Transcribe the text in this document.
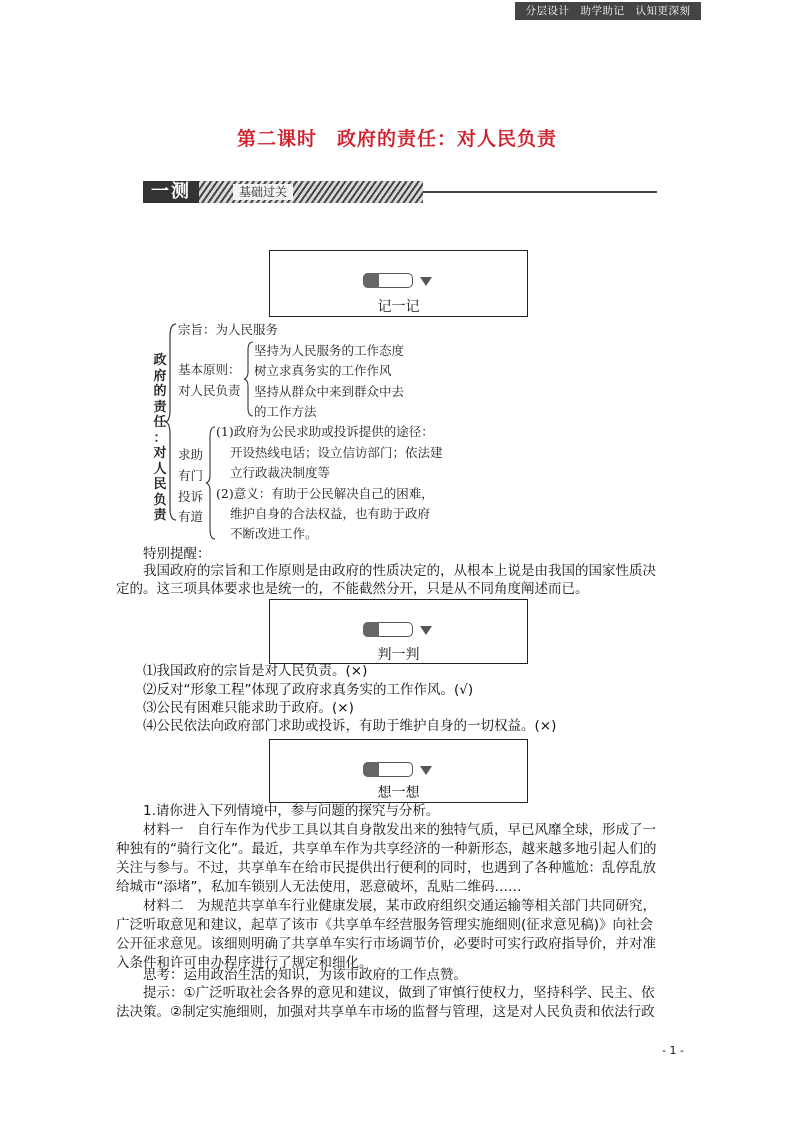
第二课时　政府的责任：对人民负责
一测	基础过关
分层设计　助学助记　认知更深刻
记一记
政
府
的
责
任
：
对
人
民
负
责
宗旨：为人民服务
基本原则：
对人民负责
坚持为人民服务的工作态度
树立求真务实的工作作风
坚持从群众中来到群众中去
的工作方法
求助
有门
投诉
有道
(1)政府为公民求助或投诉提供的途径：
开设热线电话；设立信访部门；依法建
立行政裁决制度等
(2)意义：有助于公民解决自己的困难，
维护自身的合法权益，也有助于政府
不断改进工作。
特别提醒：
我国政府的宗旨和工作原则是由政府的性质决定的，从根本上说是由我国的国家性质决
定的。这三项具体要求也是统一的，不能截然分开，只是从不同角度阐述而已。
判一判
⑴我国政府的宗旨是对人民负责。(×)
⑵反对“形象工程”体现了政府求真务实的工作作风。(√)
⑶公民有困难只能求助于政府。(×)
⑷公民依法向政府部门求助或投诉，有助于维护自身的一切权益。(×)
想一想
1.请你进入下列情境中，参与问题的探究与分析。
材料一　自行车作为代步工具以其自身散发出来的独特气质，早已风靡全球，形成了一
种独有的“骑行文化”。最近，共享单车作为共享经济的一种新形态，越来越多地引起人们的
关注与参与。不过，共享单车在给市民提供出行便利的同时，也遇到了各种尴尬：乱停乱放
给城市“添堵”，私加车锁别人无法使用，恶意破坏，乱贴二维码……
材料二　为规范共享单车行业健康发展，某市政府组织交通运输等相关部门共同研究，
广泛听取意见和建议，起草了该市《共享单车经营服务管理实施细则(征求意见稿)》向社会
公开征求意见。该细则明确了共享单车实行市场调节价，必要时可实行政府指导价，并对准
入条件和许可申办程序进行了规定和细化。
思考：运用政治生活的知识，为该市政府的工作点赞。
提示：①广泛听取社会各界的意见和建议，做到了审慎行使权力，坚持科学、民主、依
法决策。②制定实施细则，加强对共享单车市场的监督与管理，这是对人民负责和依法行政
- 1 -
